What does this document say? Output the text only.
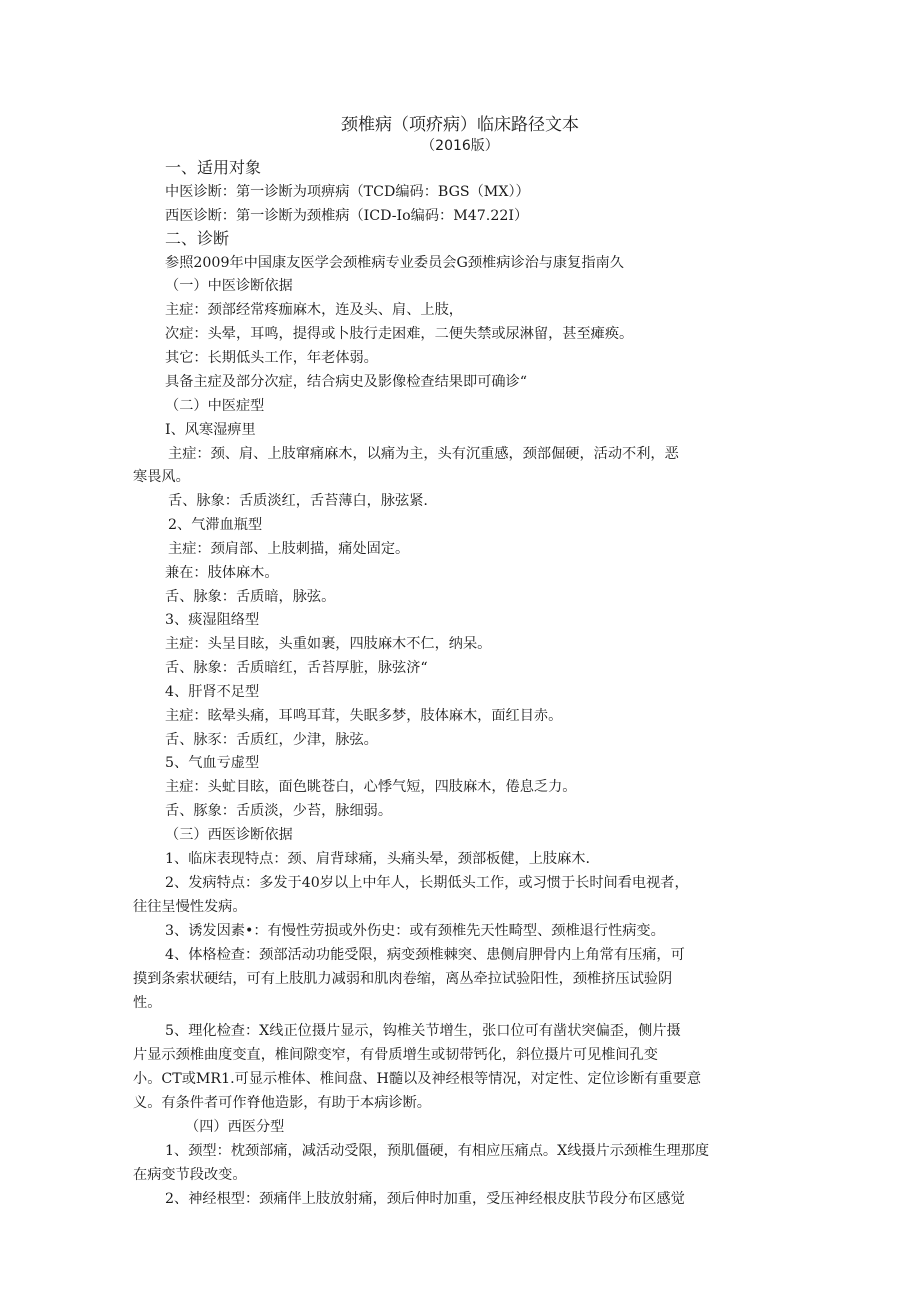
颈椎病（项疥病）临床路径文本
（2016版）
一、适用对象
中医诊断：第一诊断为项痹病（TCD编码：BGS（MX））
西医诊断：第一诊断为颈椎病（ICD-Io编码：M47.22I）
二、诊断
参照2009年中国康友医学会颈椎病专业委员会G颈椎病诊治与康复指南久
（一）中医诊断依据
主症：颈部经常疼痂麻木，连及头、肩、上肢，
次症：头晕，耳鸣，提得或卜肢行走困难，二便失禁或尿淋留，甚至瘫痪。
其它：长期低头工作，年老体弱。
具备主症及部分次症，结合病史及影像检查结果即可确诊“
（二）中医症型
I、风寒湿痹里
主症：颈、肩、上肢窜痛麻木，以痛为主，头有沉重感，颈部倔硬，活动不利，恶
寒畏风。
舌、脉象：舌质淡红，舌苔薄白，脉弦紧.
2、气滞血瓶型
主症：颈肩部、上肢刺描，痛处固定。
兼在：肢体麻木。
舌、脉象：舌质暗，脉弦。
3、痰湿阻络型
主症：头呈目眩，头重如裹，四肢麻木不仁，纳呆。
舌、脉象：舌质暗红，舌苔厚脏，脉弦济“
4、肝肾不足型
主症：眩晕头痛，耳鸣耳茸，失眠多梦，肢体麻木，面红目赤。
舌、脉豕：舌质红，少津，脉弦。
5、气血亏虚型
主症：头虻目眩，面色眺苍白，心悸气短，四肢麻木，倦息乏力。
舌、豚象：舌质淡，少苔，脉细弱。
（三）西医诊断依据
1、临床表现特点：颈、肩背球痛，头痛头晕，颈部板健，上肢麻木.
2、发病特点：多发于40岁以上中年人，长期低头工作，或习惯于长时间看电视者，
往往呈慢性发病。
3、诱发因素•：有慢性劳损或外伤史：或有颈椎先天性畸型、颈椎退行性病变。
4、体格检查：颈部活动功能受限，病变颈椎棘突、患侧肩胛骨内上角常有压痛，可
摸到条索状硬结，可有上肢肌力减弱和肌肉卷缩，离丛牵拉试验阳性，颈椎挤压试验阴
性。
5、理化检查：X线正位摄片显示，钩椎关节增生，张口位可有凿状突偏歪，侧片摄
片显示颈椎曲度变直，椎间隙变窄，有骨质增生或韧带钙化，斜位摄片可见椎间孔变
小。CT或MR1.可显示椎体、椎间盘、H髓以及神经根等情况，对定性、定位诊断有重要意
义。有条件者可作脊他造影，有助于本病诊断。
（四）西医分型
1、颈型：枕颈部痛，减活动受限，预肌僵硬，有相应压痛点。X线摄片示颈椎生理那度
在病变节段改变。
2、神经根型：颈痛伴上肢放射痛，颈后伸时加重，受压神经根皮肤节段分布区感觉
